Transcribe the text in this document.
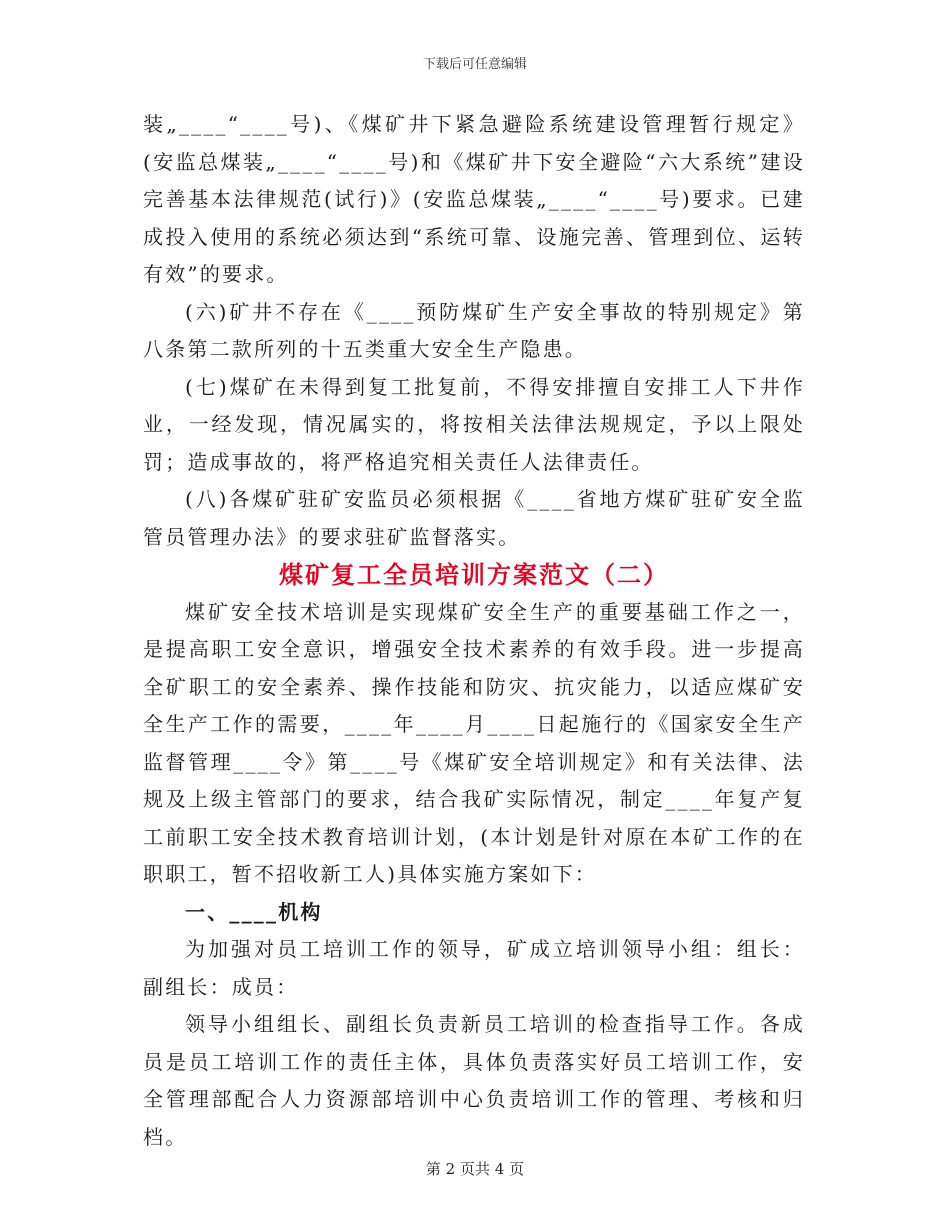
下载后可任意编辑

装„____“____号)、《煤矿井下紧急避险系统建设管理暂行规定》(安监总煤装„____“____号)和《煤矿井下安全避险“六大系统”建设完善基本法律规范(试行)》(安监总煤装„____“____号)要求。已建成投入使用的系统必须达到“系统可靠、设施完善、管理到位、运转有效”的要求。

(六)矿井不存在《____预防煤矿生产安全事故的特别规定》第八条第二款所列的十五类重大安全生产隐患。

(七)煤矿在未得到复工批复前，不得安排擅自安排工人下井作业，一经发现，情况属实的，将按相关法律法规规定，予以上限处罚；造成事故的，将严格追究相关责任人法律责任。

(八)各煤矿驻矿安监员必须根据《____省地方煤矿驻矿安全监管员管理办法》的要求驻矿监督落实。

煤矿复工全员培训方案范文（二）

煤矿安全技术培训是实现煤矿安全生产的重要基础工作之一，是提高职工安全意识，增强安全技术素养的有效手段。进一步提高全矿职工的安全素养、操作技能和防灾、抗灾能力，以适应煤矿安全生产工作的需要，____年____月____日起施行的《国家安全生产监督管理____令》第____号《煤矿安全培训规定》和有关法律、法规及上级主管部门的要求，结合我矿实际情况，制定____年复产复工前职工安全技术教育培训计划，(本计划是针对原在本矿工作的在职职工，暂不招收新工人)具体实施方案如下：

一、____机构

为加强对员工培训工作的领导，矿成立培训领导小组：组长：副组长：成员：

领导小组组长、副组长负责新员工培训的检查指导工作。各成员是员工培训工作的责任主体，具体负责落实好员工培训工作，安全管理部配合人力资源部培训中心负责培训工作的管理、考核和归档。

第 2 页共 4 页
